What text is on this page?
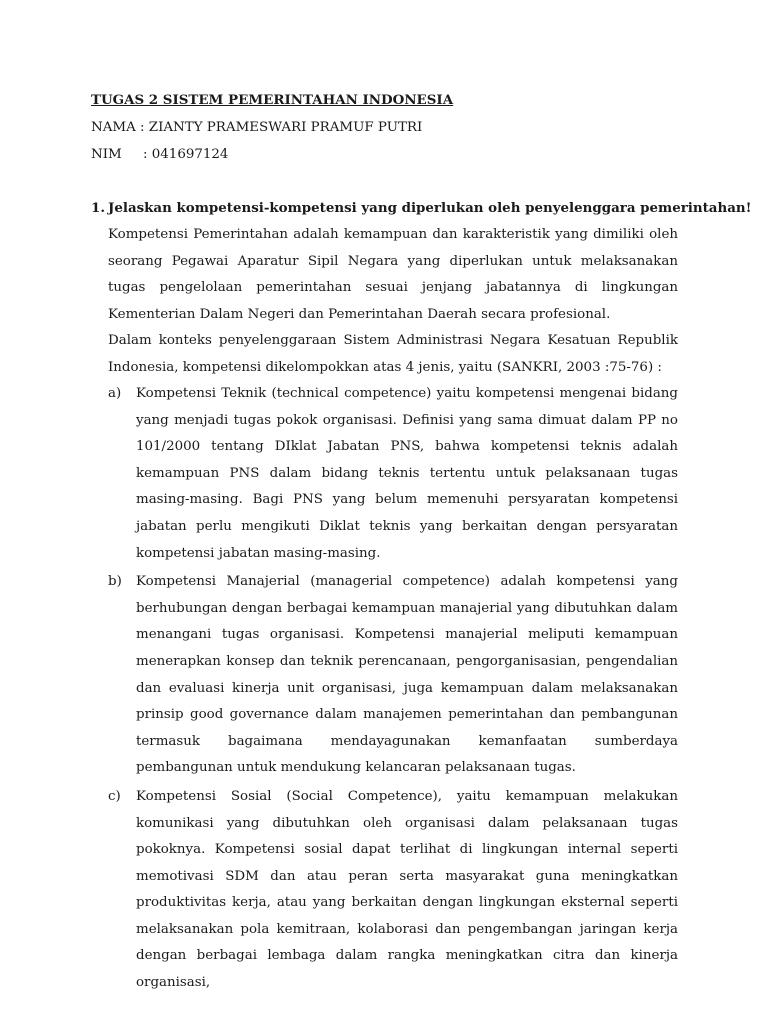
TUGAS 2 SISTEM PEMERINTAHAN INDONESIA
NAMA : ZIANTY PRAMESWARI PRAMUF PUTRI
NIM : 041697124
1. Jelaskan kompetensi-kompetensi yang diperlukan oleh penyelenggara pemerintahan!

Kompetensi Pemerintahan adalah kemampuan dan karakteristik yang dimiliki oleh seorang Pegawai Aparatur Sipil Negara yang diperlukan untuk melaksanakan tugas pengelolaan pemerintahan sesuai jenjang jabatannya di lingkungan Kementerian Dalam Negeri dan Pemerintahan Daerah secara profesional.

Dalam konteks penyelenggaraan Sistem Administrasi Negara Kesatuan Republik Indonesia, kompetensi dikelompokkan atas 4 jenis, yaitu (SANKRI, 2003 :75-76) :

a) Kompetensi Teknik (technical competence) yaitu kompetensi mengenai bidang yang menjadi tugas pokok organisasi. Definisi yang sama dimuat dalam PP no 101/2000 tentang DIklat Jabatan PNS, bahwa kompetensi teknis adalah kemampuan PNS dalam bidang teknis tertentu untuk pelaksanaan tugas masing-masing. Bagi PNS yang belum memenuhi persyaratan kompetensi jabatan perlu mengikuti Diklat teknis yang berkaitan dengan persyaratan kompetensi jabatan masing-masing.
b) Kompetensi Manajerial (managerial competence) adalah kompetensi yang berhubungan dengan berbagai kemampuan manajerial yang dibutuhkan dalam menangani tugas organisasi. Kompetensi manajerial meliputi kemampuan menerapkan konsep dan teknik perencanaan, pengorganisasian, pengendalian dan evaluasi kinerja unit organisasi, juga kemampuan dalam melaksanakan prinsip good governance dalam manajemen pemerintahan dan pembangunan termasuk bagaimana mendayagunakan kemanfaatan sumberdaya pembangunan untuk mendukung kelancaran pelaksanaan tugas.
c) Kompetensi Sosial (Social Competence), yaitu kemampuan melakukan komunikasi yang dibutuhkan oleh organisasi dalam pelaksanaan tugas pokoknya. Kompetensi sosial dapat terlihat di lingkungan internal seperti memotivasi SDM dan atau peran serta masyarakat guna meningkatkan produktivitas kerja, atau yang berkaitan dengan lingkungan eksternal seperti melaksanakan pola kemitraan, kolaborasi dan pengembangan jaringan kerja dengan berbagai lembaga dalam rangka meningkatkan citra dan kinerja organisasi,
